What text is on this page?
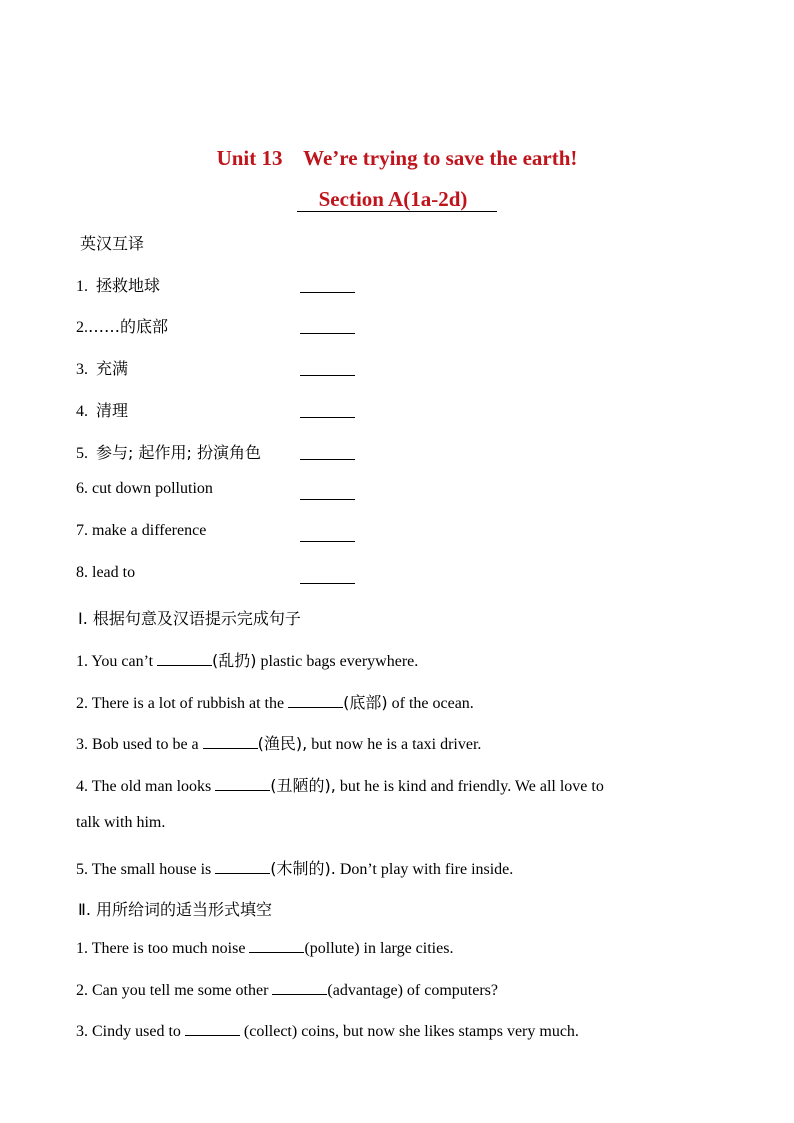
Unit 13    We’re trying to save the earth!
Section A(1a-2d)
英汉互译
1. 拯救地球
2.……的底部
3. 充满
4. 清理
5. 参与; 起作用; 扮演角色
6. cut down pollution
7. make a difference
8. lead to
Ⅰ. 根据句意及汉语提示完成句子
1. You can’t	(乱扔) plastic bags everywhere.
2. There is a lot of rubbish at the	(底部) of the ocean.
3. Bob used to be a	(渔民), but now he is a taxi driver.
4. The old man looks	(丑陋的), but he is kind and friendly. We all love to
talk with him.
5. The small house is	(木制的). Don’t play with fire inside.
Ⅱ. 用所给词的适当形式填空
1. There is too much noise	(pollute) in large cities.
2. Can you tell me some other	(advantage) of computers?
3. Cindy used to	(collect) coins, but now she likes stamps very much.
